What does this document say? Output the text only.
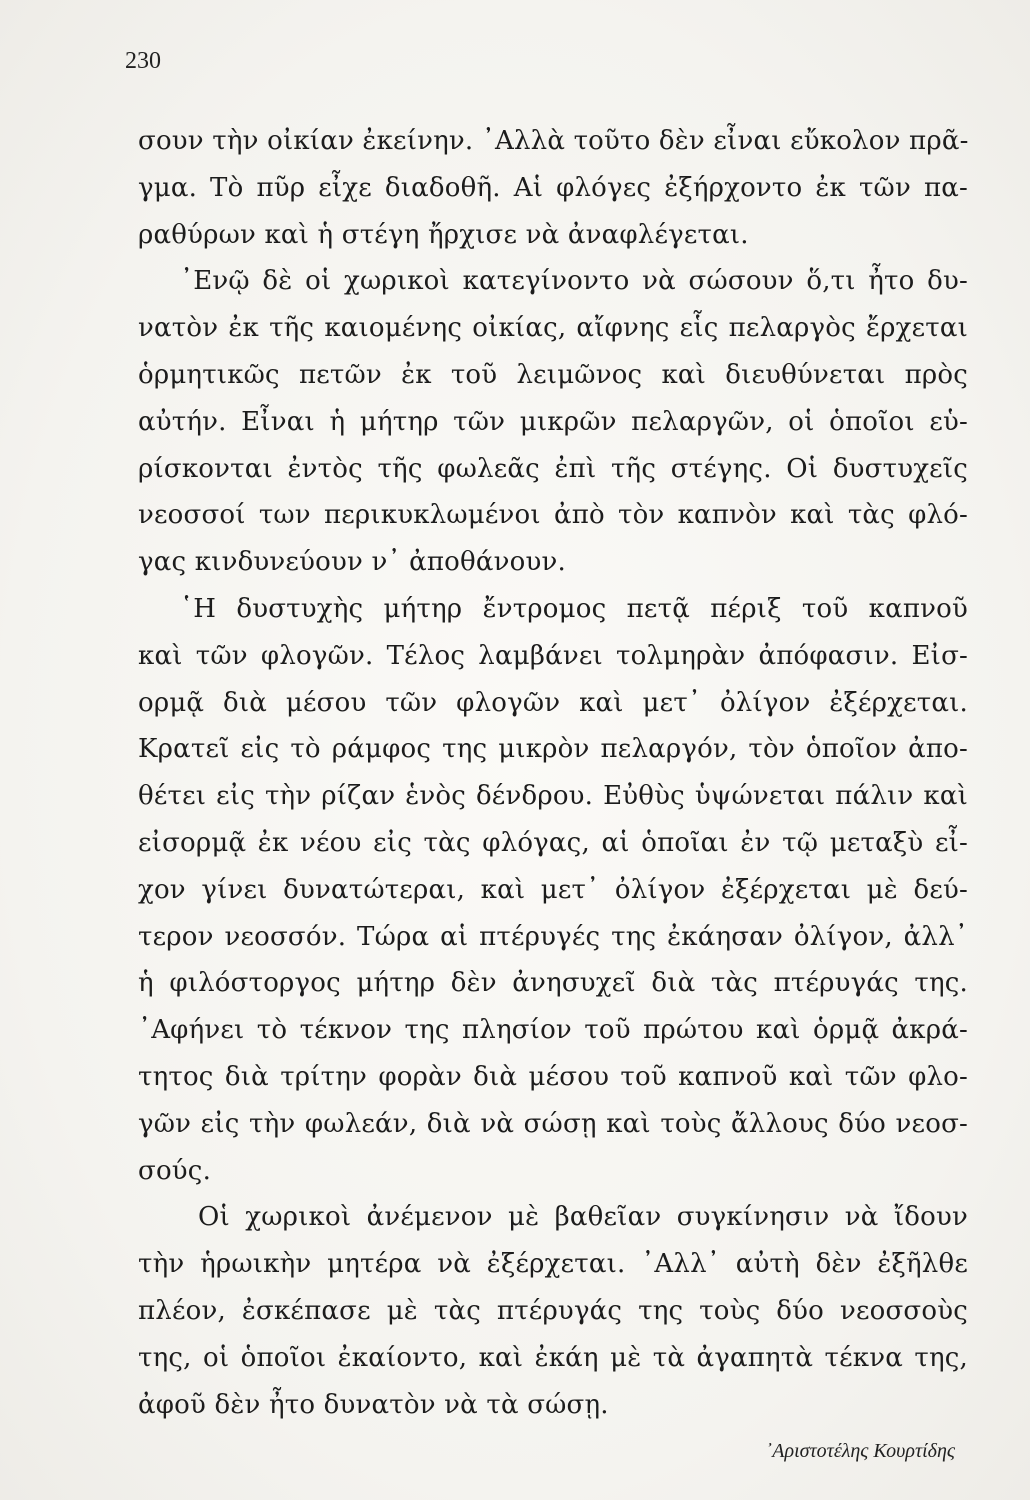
230
σουν τὴν οἰκίαν ἐκείνην. ᾿Αλλὰ τοῦτο δὲν εἶναι εὔκολον πρᾶ-
γμα. Τὸ πῦρ εἶχε διαδοθῆ. Αἱ φλόγες ἐξήρχοντο ἐκ τῶν πα-
ραθύρων καὶ ἡ στέγη ἤρχισε νὰ ἀναφλέγεται.
᾿Ενῷ δὲ οἱ χωρικοὶ κατεγίνοντο νὰ σώσουν ὅ,τι ἦτο δυ-
νατὸν ἐκ τῆς καιομένης οἰκίας, αἴφνης εἷς πελαργὸς ἔρχεται
ὁρμητικῶς πετῶν ἐκ τοῦ λειμῶνος καὶ διευθύνεται πρὸς
αὐτήν. Εἶναι ἡ μήτηρ τῶν μικρῶν πελαργῶν, οἱ ὁποῖοι εὑ-
ρίσκονται ἐντὸς τῆς φωλεᾶς ἐπὶ τῆς στέγης. Οἱ δυστυχεῖς
νεοσσοί των περικυκλωμένοι ἀπὸ τὸν καπνὸν καὶ τὰς φλό-
γας κινδυνεύουν ν᾿ ἀποθάνουν.
῾Η δυστυχὴς μήτηρ ἔντρομος πετᾷ πέριξ τοῦ καπνοῦ
καὶ τῶν φλογῶν. Τέλος λαμβάνει τολμηρὰν ἀπόφασιν. Εἰσ-
ορμᾷ διὰ μέσου τῶν φλογῶν καὶ μετ᾿ ὀλίγον ἐξέρχεται.
Κρατεῖ εἰς τὸ ράμφος της μικρὸν πελαργόν, τὸν ὁποῖον ἀπο-
θέτει εἰς τὴν ρίζαν ἑνὸς δένδρου. Εὐθὺς ὑψώνεται πάλιν καὶ
εἰσορμᾷ ἐκ νέου εἰς τὰς φλόγας, αἱ ὁποῖαι ἐν τῷ μεταξὺ εἶ-
χον γίνει δυνατώτεραι, καὶ μετ᾿ ὀλίγον ἐξέρχεται μὲ δεύ-
τερον νεοσσόν. Τώρα αἱ πτέρυγές της ἐκάησαν ὀλίγον, ἀλλ᾿
ἡ φιλόστοργος μήτηρ δὲν ἀνησυχεῖ διὰ τὰς πτέρυγάς της.
᾿Αφήνει τὸ τέκνον της πλησίον τοῦ πρώτου καὶ ὁρμᾷ ἀκρά-
τητος διὰ τρίτην φορὰν διὰ μέσου τοῦ καπνοῦ καὶ τῶν φλο-
γῶν εἰς τὴν φωλεάν, διὰ νὰ σώσῃ καὶ τοὺς ἄλλους δύο νεοσ-
σούς.
Οἱ χωρικοὶ ἀνέμενον μὲ βαθεῖαν συγκίνησιν νὰ ἴδουν
τὴν ἡρωικὴν μητέρα νὰ ἐξέρχεται. ᾿Αλλ᾿ αὐτὴ δὲν ἐξῆλθε
πλέον, ἐσκέπασε μὲ τὰς πτέρυγάς της τοὺς δύο νεοσσοὺς
της, οἱ ὁποῖοι ἐκαίοντο, καὶ ἐκάη μὲ τὰ ἀγαπητὰ τέκνα της,
ἀφοῦ δὲν ἦτο δυνατὸν νὰ τὰ σώσῃ.
᾿Αριστοτέλης Κουρτίδης
